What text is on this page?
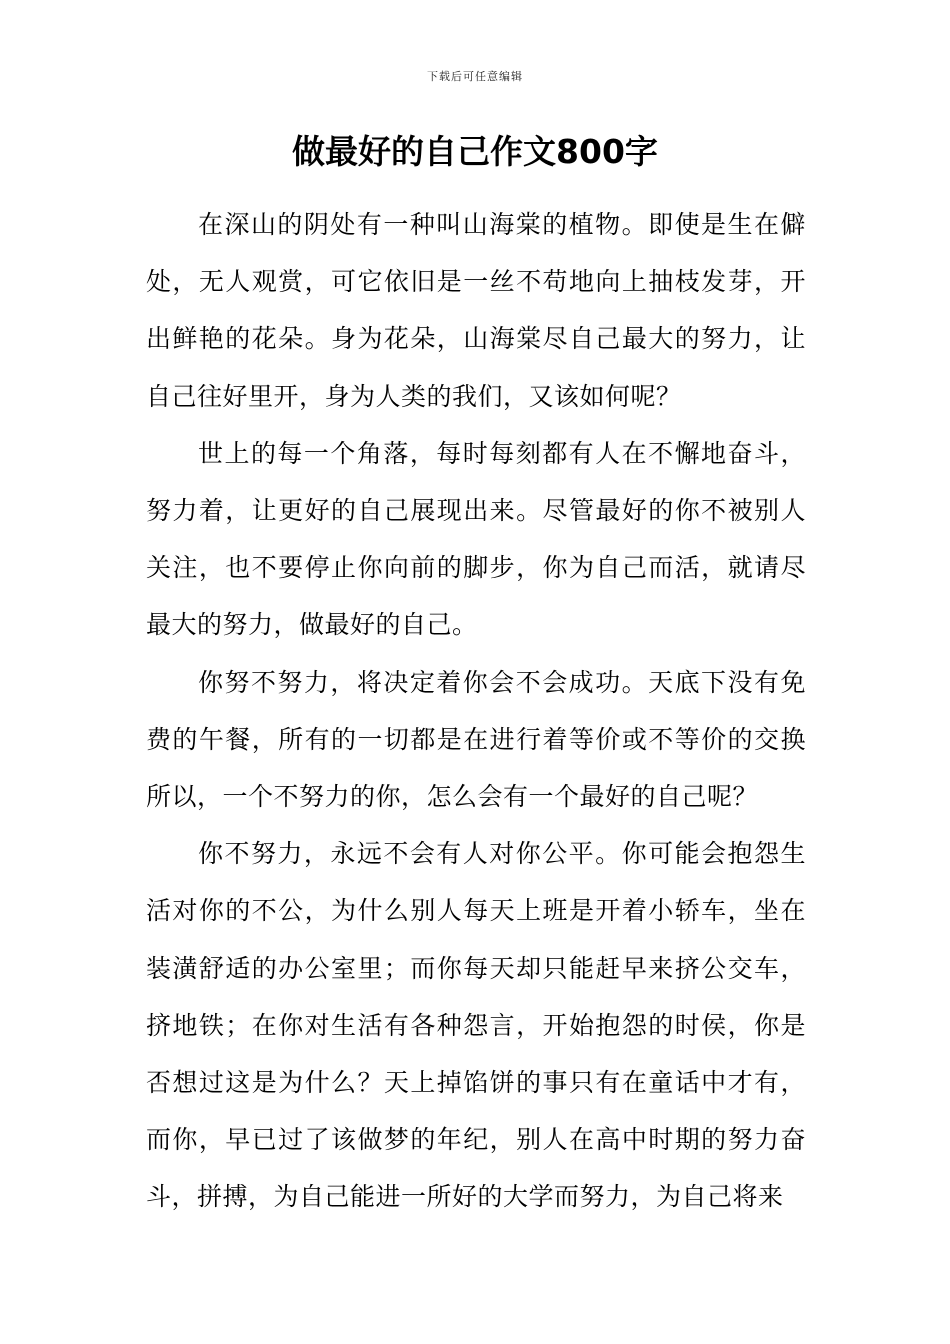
下载后可任意编辑
做最好的自己作文800字

在深山的阴处有一种叫山海棠的植物。即使是生在僻处，无人观赏，可它依旧是一丝不苟地向上抽枝发芽，开出鲜艳的花朵。身为花朵，山海棠尽自己最大的努力，让自己往好里开，身为人类的我们，又该如何呢？

世上的每一个角落，每时每刻都有人在不懈地奋斗，努力着，让更好的自己展现出来。尽管最好的你不被别人关注，也不要停止你向前的脚步，你为自己而活，就请尽最大的努力，做最好的自己。

你努不努力，将决定着你会不会成功。天底下没有免费的午餐，所有的一切都是在进行着等价或不等价的交换所以，一个不努力的你，怎么会有一个最好的自己呢？

你不努力，永远不会有人对你公平。你可能会抱怨生活对你的不公，为什么别人每天上班是开着小轿车，坐在装潢舒适的办公室里；而你每天却只能赶早来挤公交车，挤地铁；在你对生活有各种怨言，开始抱怨的时侯，你是否想过这是为什么？天上掉馅饼的事只有在童话中才有，而你，早已过了该做梦的年纪，别人在高中时期的努力奋斗，拼搏，为自己能进一所好的大学而努力，为自己将来
